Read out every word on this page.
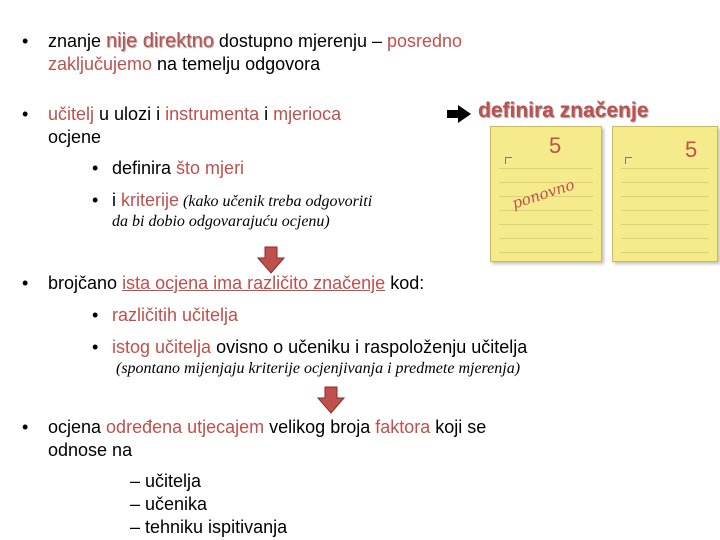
• znanje nije direktno dostupno mjerenju – posredno
zaključujemo na temelju odgovora
• učitelj u ulozi i instrumenta i mjerioca	definira značenje
ocjene
• definira što mjeri
• i kriterije (kako učenik treba odgovoriti
da bi dobio odgovarajuću ocjenu)
5
ponovno
5
• brojčano ista ocjena ima različito značenje kod:
• različitih učitelja
• istog učitelja ovisno o učeniku i raspoloženju učitelja
(spontano mijenjaju kriterije ocjenjivanja i predmete mjerenja)
• ocjena određena utjecajem velikog broja faktora koji se
odnose na
– učitelja
– učenika
– tehniku ispitivanja
